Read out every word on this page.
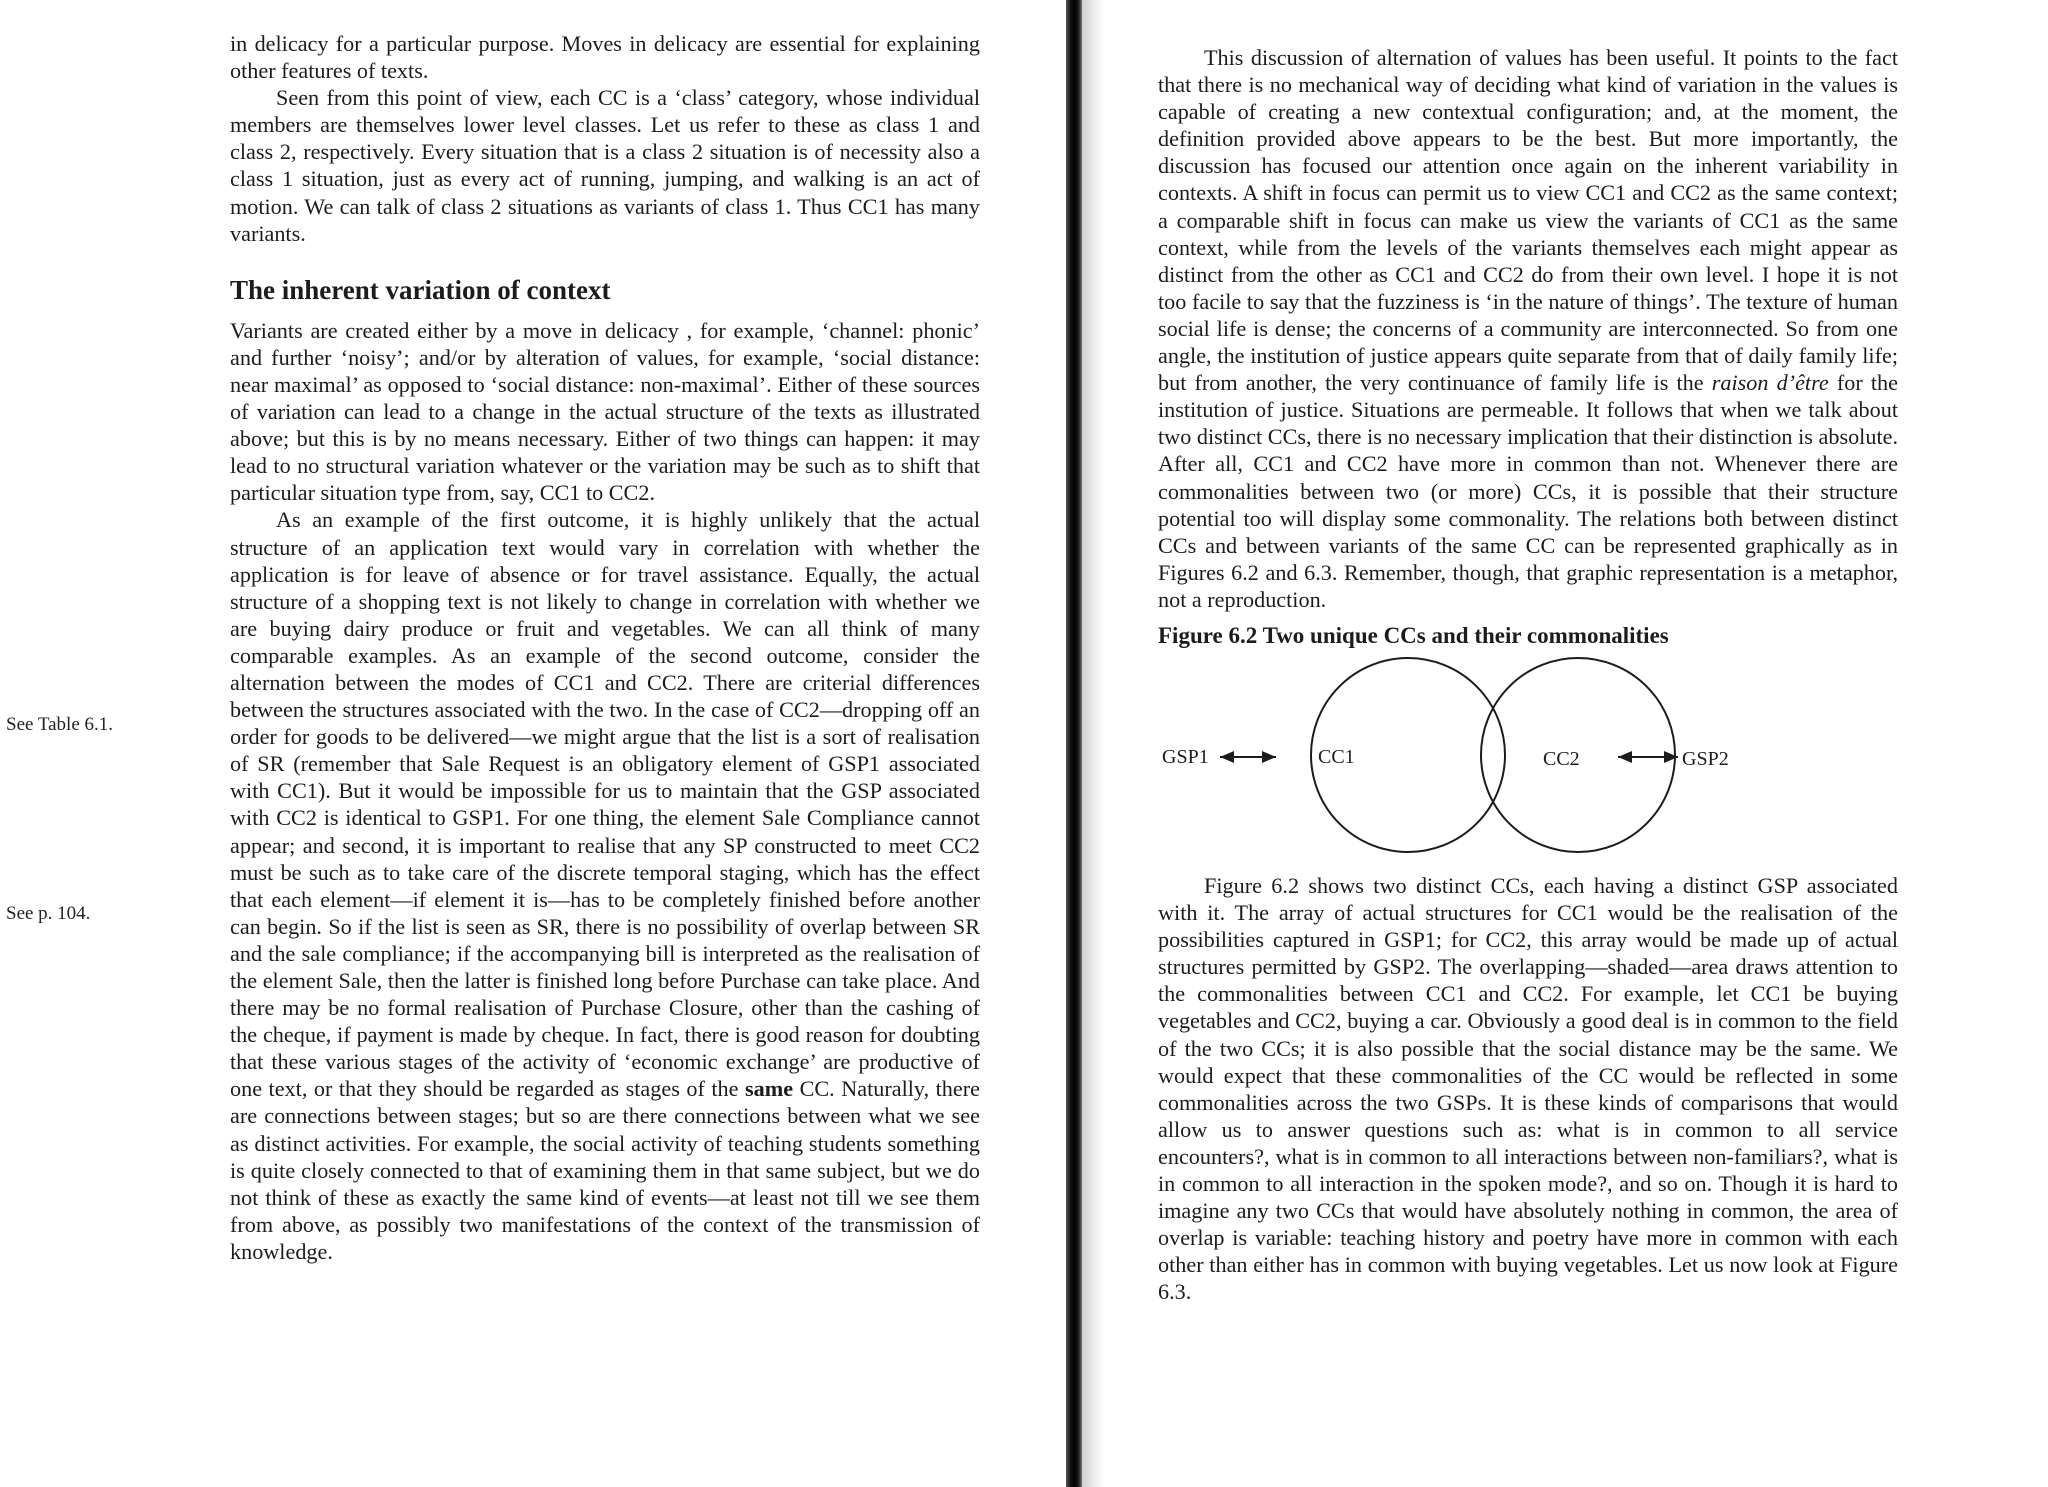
in delicacy for a particular purpose. Moves in delicacy are essential for explaining other features of texts.

Seen from this point of view, each CC is a ‘class’ category, whose individual members are themselves lower level classes. Let us refer to these as class 1 and class 2, respectively. Every situation that is a class 2 situation is of necessity also a class 1 situation, just as every act of running, jumping, and walking is an act of motion. We can talk of class 2 situations as variants of class 1. Thus CC1 has many variants.

The inherent variation of context

Variants are created either by a move in delicacy , for example, ‘channel: phonic’ and further ‘noisy’; and/or by alteration of values, for example, ‘social distance: near maximal’ as opposed to ‘social distance: non-maximal’. Either of these sources of variation can lead to a change in the actual structure of the texts as illustrated above; but this is by no means necessary. Either of two things can happen: it may lead to no structural variation whatever or the variation may be such as to shift that particular situation type from, say, CC1 to CC2.

As an example of the first outcome, it is highly unlikely that the actual structure of an application text would vary in correlation with whether the application is for leave of absence or for travel assistance. Equally, the actual structure of a shopping text is not likely to change in correlation with whether we are buying dairy produce or fruit and vegetables. We can all think of many comparable examples. As an example of the second outcome, consider the alternation between the modes of CC1 and CC2. There are criterial differences between the structures associated with the two. In the case of CC2—dropping off an order for goods to be delivered—we might argue that the list is a sort of realisation of SR (remember that Sale Request is an obligatory element of GSP1 associated with CC1). But it would be impossible for us to maintain that the GSP associated with CC2 is identical to GSP1. For one thing, the element Sale Compliance cannot appear; and second, it is important to realise that any SP constructed to meet CC2 must be such as to take care of the discrete temporal staging, which has the effect that each element—if element it is—has to be completely finished before another can begin. So if the list is seen as SR, there is no possibility of overlap between SR and the sale compliance; if the accompanying bill is interpreted as the realisation of the element Sale, then the latter is finished long before Purchase can take place. And there may be no formal realisation of Purchase Closure, other than the cashing of the cheque, if payment is made by cheque. In fact, there is good reason for doubting that these various stages of the activity of ‘economic exchange’ are productive of one text, or that they should be regarded as stages of the same CC. Naturally, there are connections between stages; but so are there connections between what we see as distinct activities. For example, the social activity of teaching students something is quite closely connected to that of examining them in that same subject, but we do not think of these as exactly the same kind of events—at least not till we see them from above, as possibly two manifestations of the context of the transmission of knowledge.

See Table 6.1.
See p. 104.

This discussion of alternation of values has been useful. It points to the fact that there is no mechanical way of deciding what kind of variation in the values is capable of creating a new contextual configuration; and, at the moment, the definition provided above appears to be the best. But more importantly, the discussion has focused our attention once again on the inherent variability in contexts. A shift in focus can permit us to view CC1 and CC2 as the same context; a comparable shift in focus can make us view the variants of CC1 as the same context, while from the levels of the variants themselves each might appear as distinct from the other as CC1 and CC2 do from their own level. I hope it is not too facile to say that the fuzziness is ‘in the nature of things’. The texture of human social life is dense; the concerns of a community are interconnected. So from one angle, the institution of justice appears quite separate from that of daily family life; but from another, the very continuance of family life is the raison d’être for the institution of justice. Situations are permeable. It follows that when we talk about two distinct CCs, there is no necessary implication that their distinction is absolute. After all, CC1 and CC2 have more in common than not. Whenever there are commonalities between two (or more) CCs, it is possible that their structure potential too will display some commonality. The relations both between distinct CCs and between variants of the same CC can be represented graphically as in Figures 6.2 and 6.3. Remember, though, that graphic representation is a metaphor, not a reproduction.

Figure 6.2 Two unique CCs and their commonalities
GSP1	CC1	CC2	GSP2

Figure 6.2 shows two distinct CCs, each having a distinct GSP associated with it. The array of actual structures for CC1 would be the realisation of the possibilities captured in GSP1; for CC2, this array would be made up of actual structures permitted by GSP2. The overlapping—shaded—area draws attention to the commonalities between CC1 and CC2. For example, let CC1 be buying vegetables and CC2, buying a car. Obviously a good deal is in common to the field of the two CCs; it is also possible that the social distance may be the same. We would expect that these commonalities of the CC would be reflected in some commonalities across the two GSPs. It is these kinds of comparisons that would allow us to answer questions such as: what is in common to all service encounters?, what is in common to all interactions between non-familiars?, what is in common to all interaction in the spoken mode?, and so on. Though it is hard to imagine any two CCs that would have absolutely nothing in common, the area of overlap is variable: teaching history and poetry have more in common with each other than either has in common with buying vegetables. Let us now look at Figure 6.3.
